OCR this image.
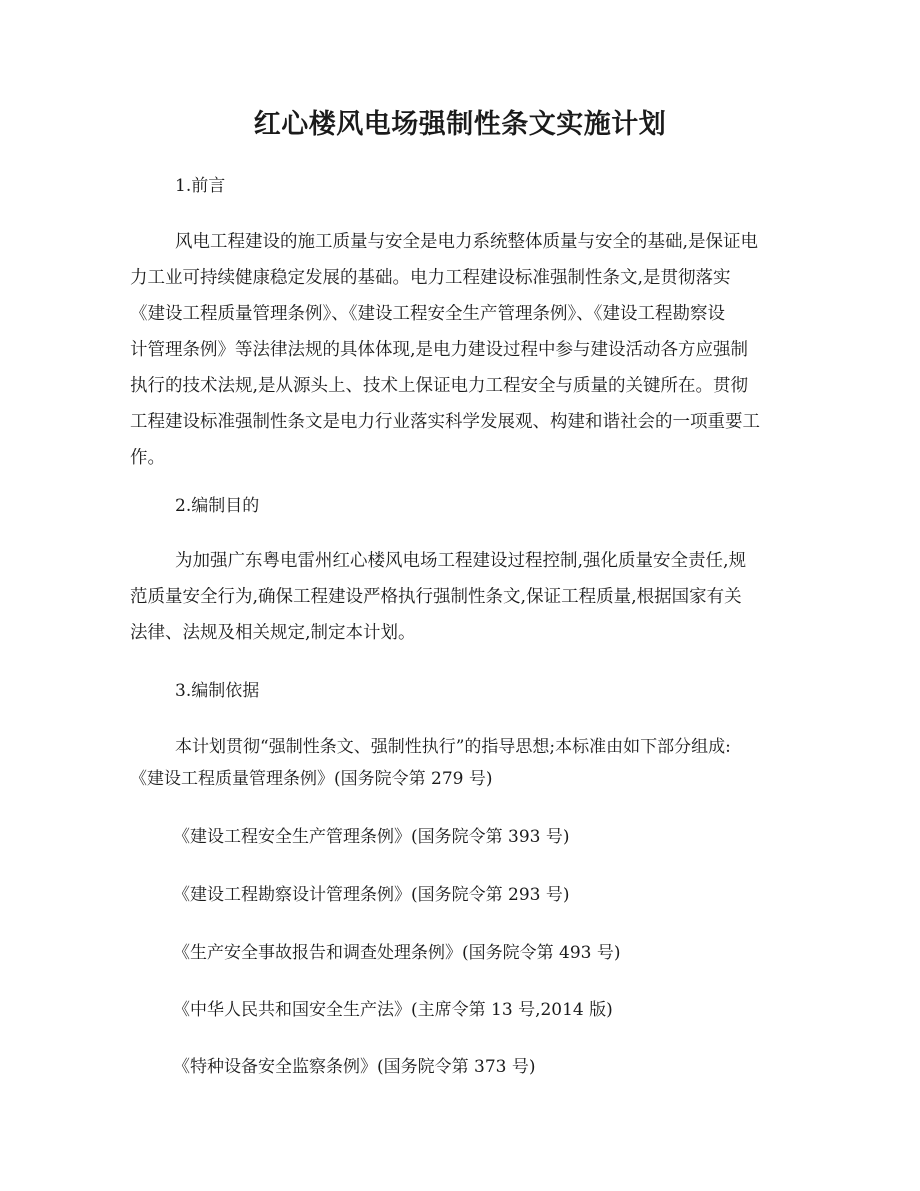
红心楼风电场强制性条文实施计划
1.前言
风电工程建设的施工质量与安全是电力系统整体质量与安全的基础,是保证电
力工业可持续健康稳定发展的基础。电力工程建设标准强制性条文,是贯彻落实
《建设工程质量管理条例》、《建设工程安全生产管理条例》、《建设工程勘察设
计管理条例》等法律法规的具体体现,是电力建设过程中参与建设活动各方应强制
执行的技术法规,是从源头上、技术上保证电力工程安全与质量的关键所在。贯彻
工程建设标准强制性条文是电力行业落实科学发展观、构建和谐社会的一项重要工
作。
2.编制目的
为加强广东粤电雷州红心楼风电场工程建设过程控制,强化质量安全责任,规
范质量安全行为,确保工程建设严格执行强制性条文,保证工程质量,根据国家有关
法律、法规及相关规定,制定本计划。
3.编制依据
本计划贯彻“强制性条文、强制性执行”的指导思想;本标准由如下部分组成:
《建设工程质量管理条例》(国务院令第 279 号)
《建设工程安全生产管理条例》(国务院令第 393 号)
《建设工程勘察设计管理条例》(国务院令第 293 号)
《生产安全事故报告和调查处理条例》(国务院令第 493 号)
《中华人民共和国安全生产法》(主席令第 13 号,2014 版)
《特种设备安全监察条例》(国务院令第 373 号)
